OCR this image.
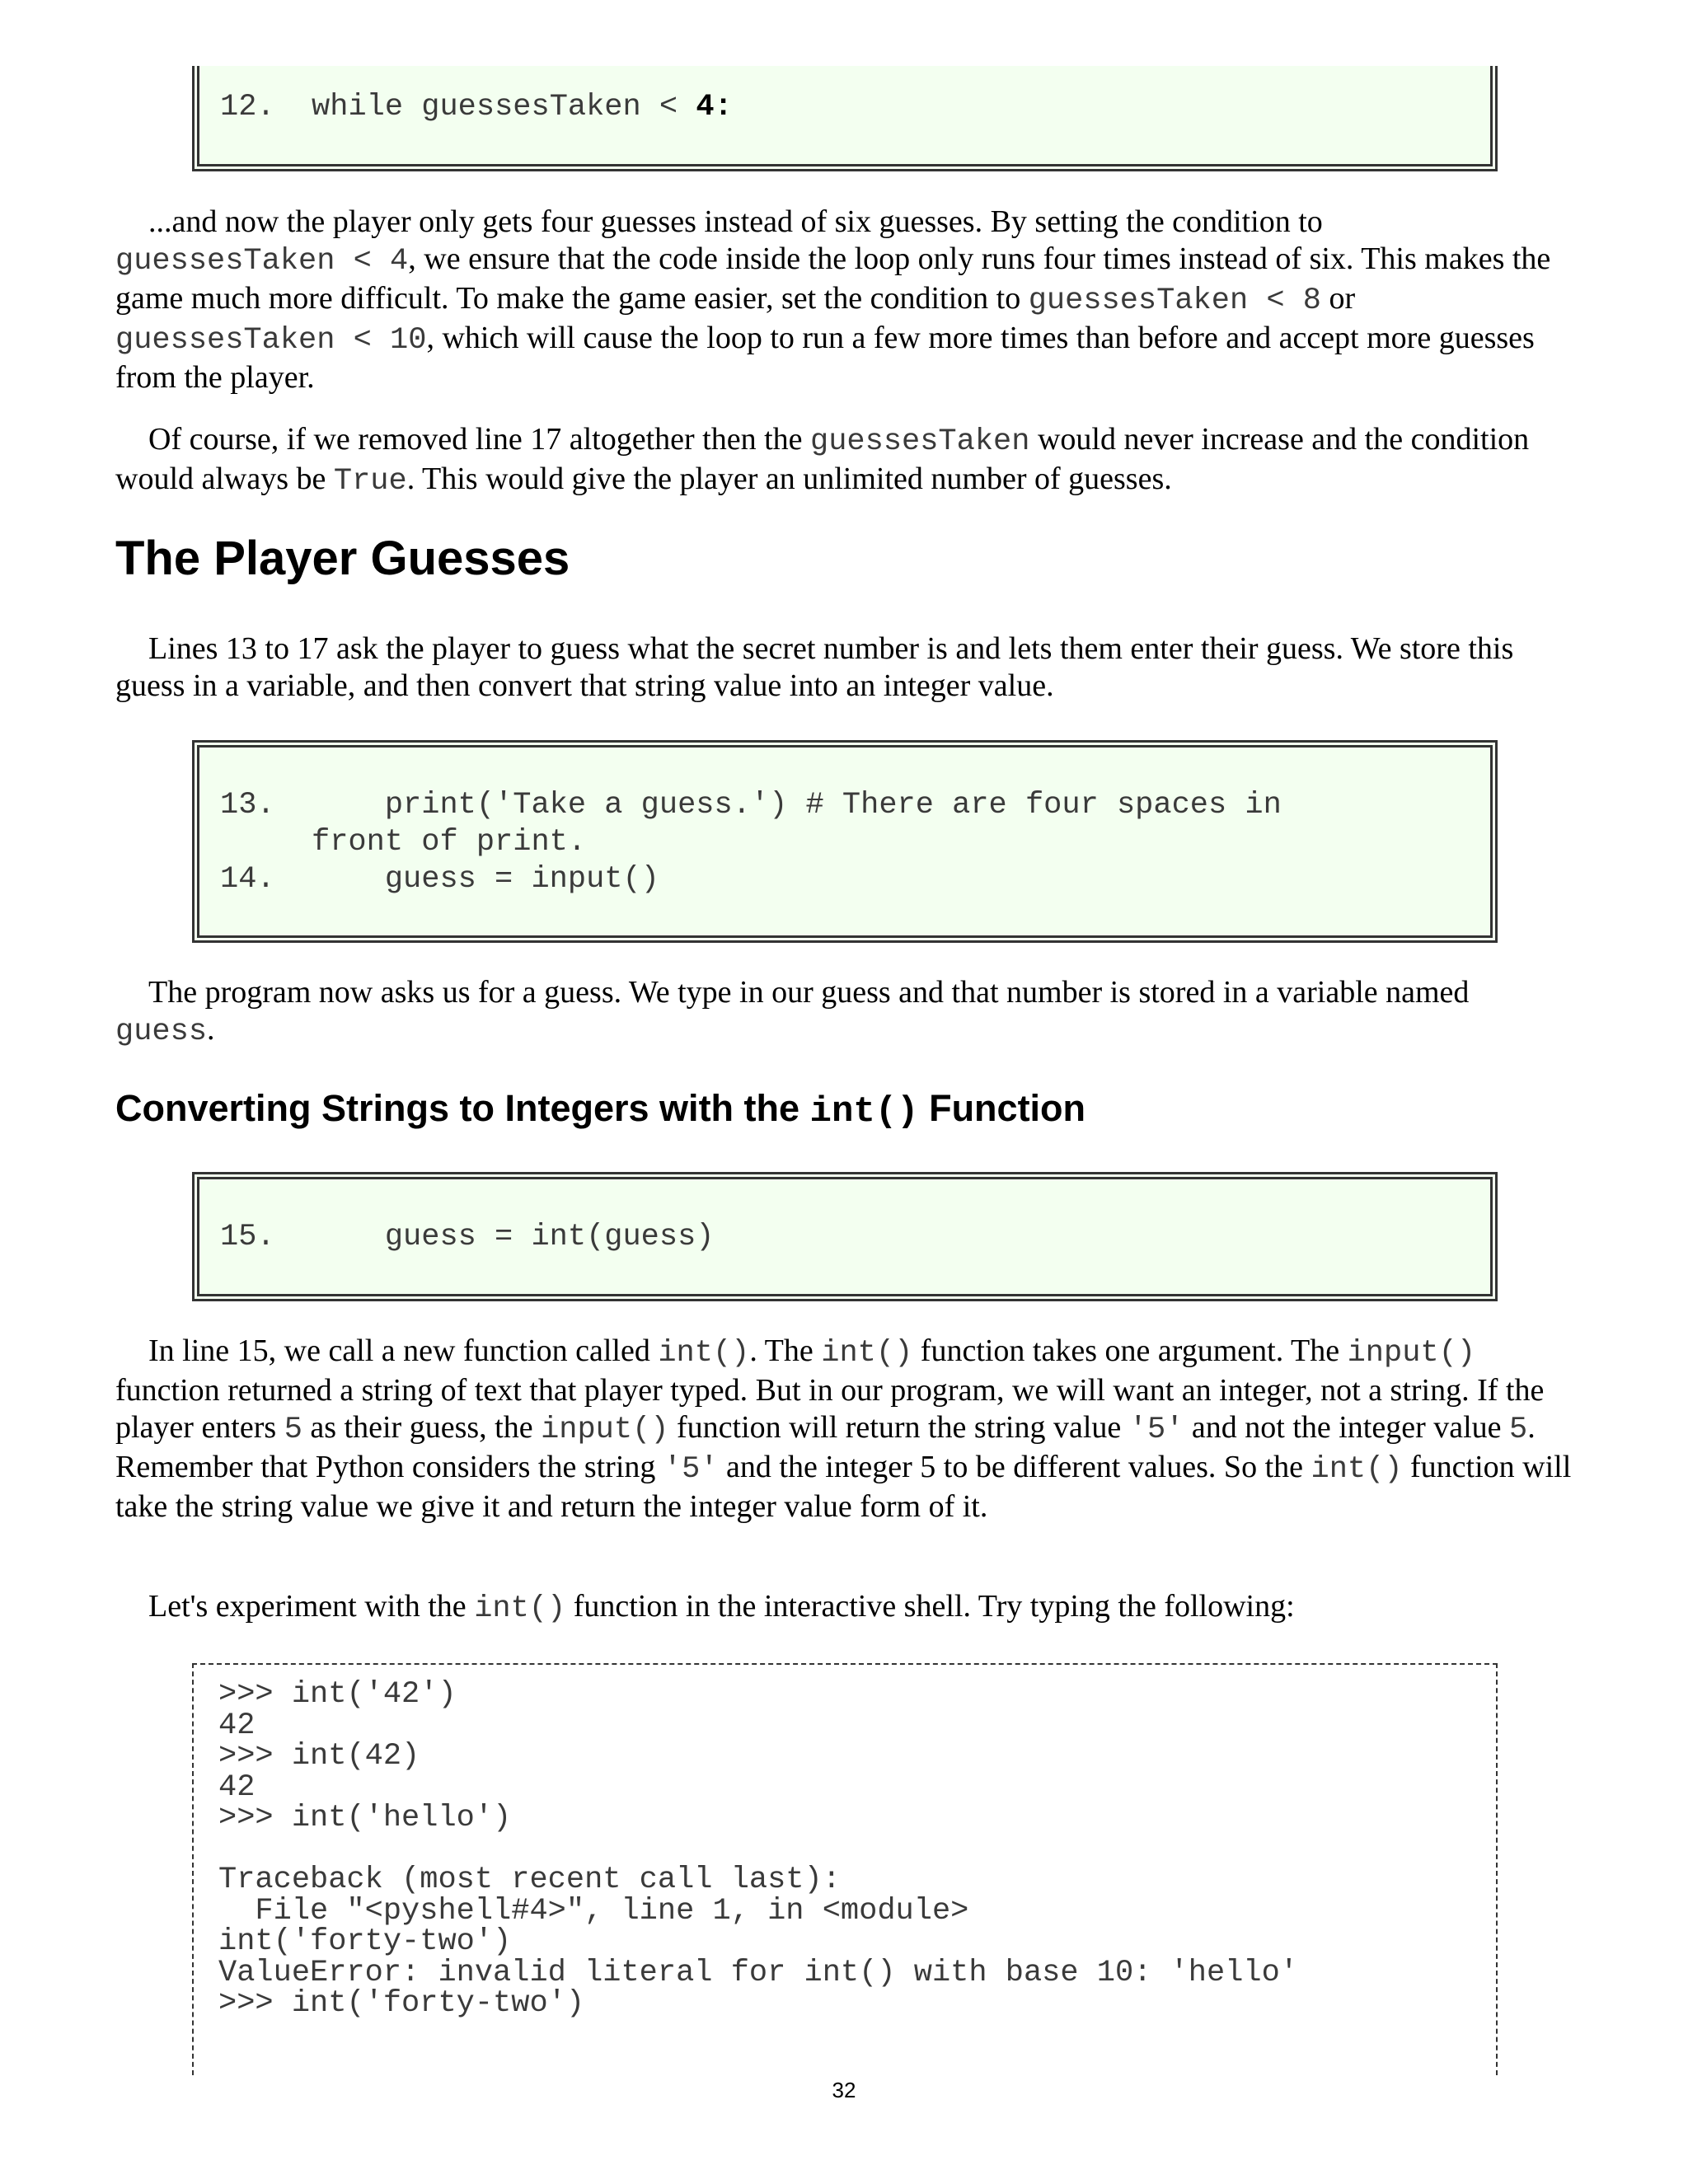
12. while guessesTaken < 4:
...and now the player only gets four guesses instead of six guesses. By setting the condition to
guessesTaken < 4, we ensure that the code inside the loop only runs four times instead of six. This makes the game much more difficult. To make the game easier, set the condition to guessesTaken < 8 or guessesTaken < 10, which will cause the loop to run a few more times than before and accept more guesses from the player.
Of course, if we removed line 17 altogether then the guessesTaken would never increase and the condition would always be True. This would give the player an unlimited number of guesses.
The Player Guesses
Lines 13 to 17 ask the player to guess what the secret number is and lets them enter their guess. We store this guess in a variable, and then convert that string value into an integer value.
13.      print('Take a guess.') # There are four spaces in
front of print.
14.      guess = input()
The program now asks us for a guess. We type in our guess and that number is stored in a variable named guess.
Converting Strings to Integers with the int() Function
15.      guess = int(guess)
In line 15, we call a new function called int(). The int() function takes one argument. The input() function returned a string of text that player typed. But in our program, we will want an integer, not a string. If the player enters 5 as their guess, the input() function will return the string value '5' and not the integer value 5. Remember that Python considers the string '5' and the integer 5 to be different values. So the int() function will take the string value we give it and return the integer value form of it.
Let's experiment with the int() function in the interactive shell. Try typing the following:
>>> int('42')
42
>>> int(42)
42
>>> int('hello')

Traceback (most recent call last):
File "<pyshell#4>", line 1, in <module>
int('forty-two')
ValueError: invalid literal for int() with base 10: 'hello'
>>> int('forty-two')
32
